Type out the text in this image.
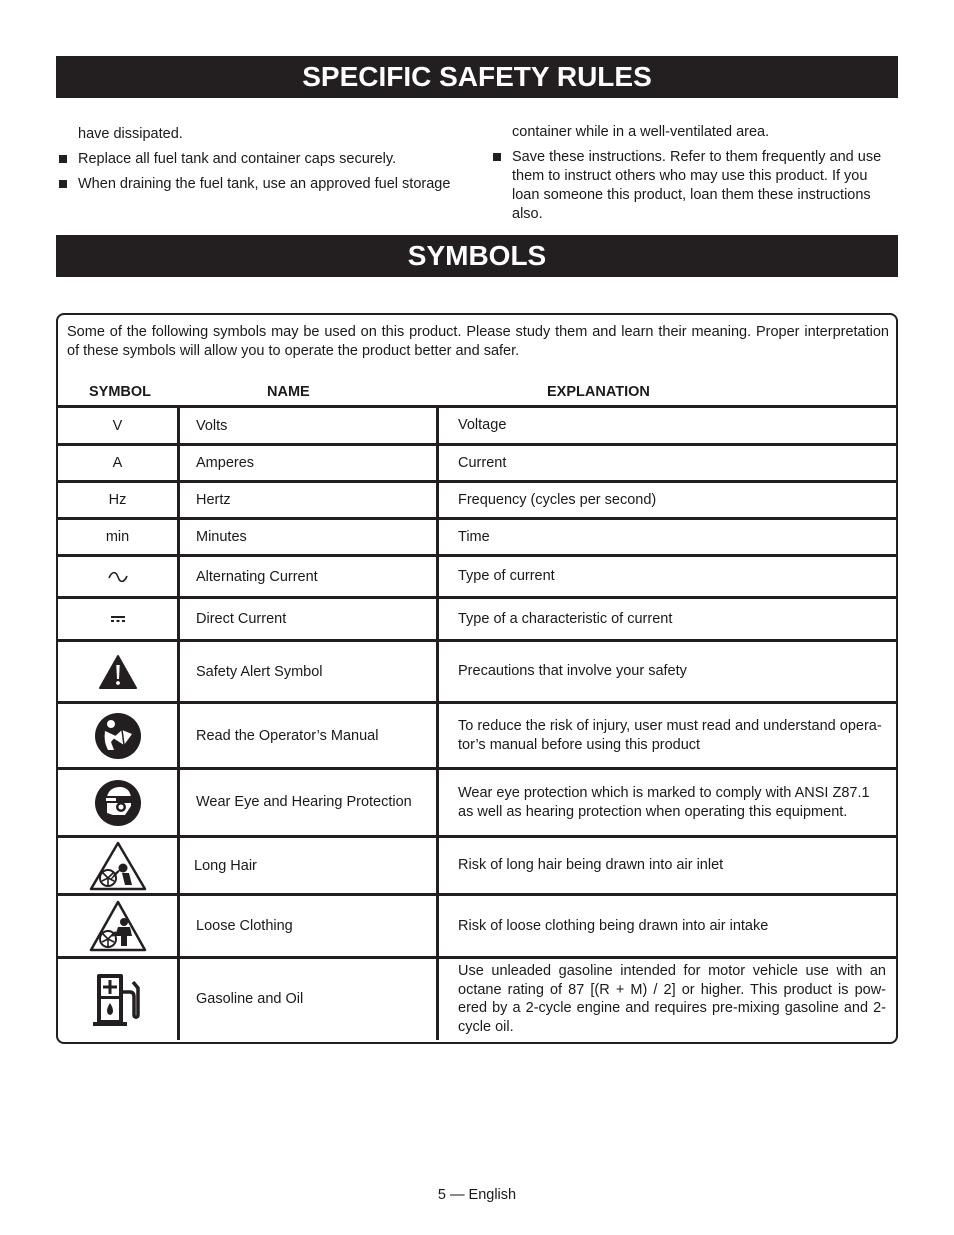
SPECIFIC SAFETY RULES

have dissipated.

Replace all fuel tank and container caps securely.

When draining the fuel tank, use an approved fuel storage

container while in a well-ventilated area.

Save these instructions. Refer to them frequently and use them to instruct others who may use this product. If you loan someone this product, loan them these instructions also.

SYMBOLS
Some of the following symbols may be used on this product. Please study them and learn their meaning. Proper interpretation of these symbols will allow you to operate the product better and safer.
SYMBOL	NAME	EXPLANATION
V	Volts	Voltage
A	Amperes	Current
Hz	Hertz	Frequency (cycles per second)
min	Minutes	Time

	Alternating Current	Type of current

	Direct Current	Type of a characteristic of current

	Safety Alert Symbol	Precautions that involve your safety

	Read the Operator’s Manual	To reduce the risk of injury, user must read and understand opera-tor’s manual before using this product

	Wear Eye and Hearing Protection	Wear eye protection which is marked to comply with ANSI Z87.1 as well as hearing protection when operating this equipment.

	Long Hair	Risk of long hair being drawn into air inlet

	Loose Clothing	Risk of loose clothing being drawn into air intake

	Gasoline and Oil	Use unleaded gasoline intended for motor vehicle use with an octane rating of 87 [(R + M) / 2] or higher. This product is pow-ered by a 2-cycle engine and requires pre-mixing gasoline and 2-cycle oil.
5 — English
